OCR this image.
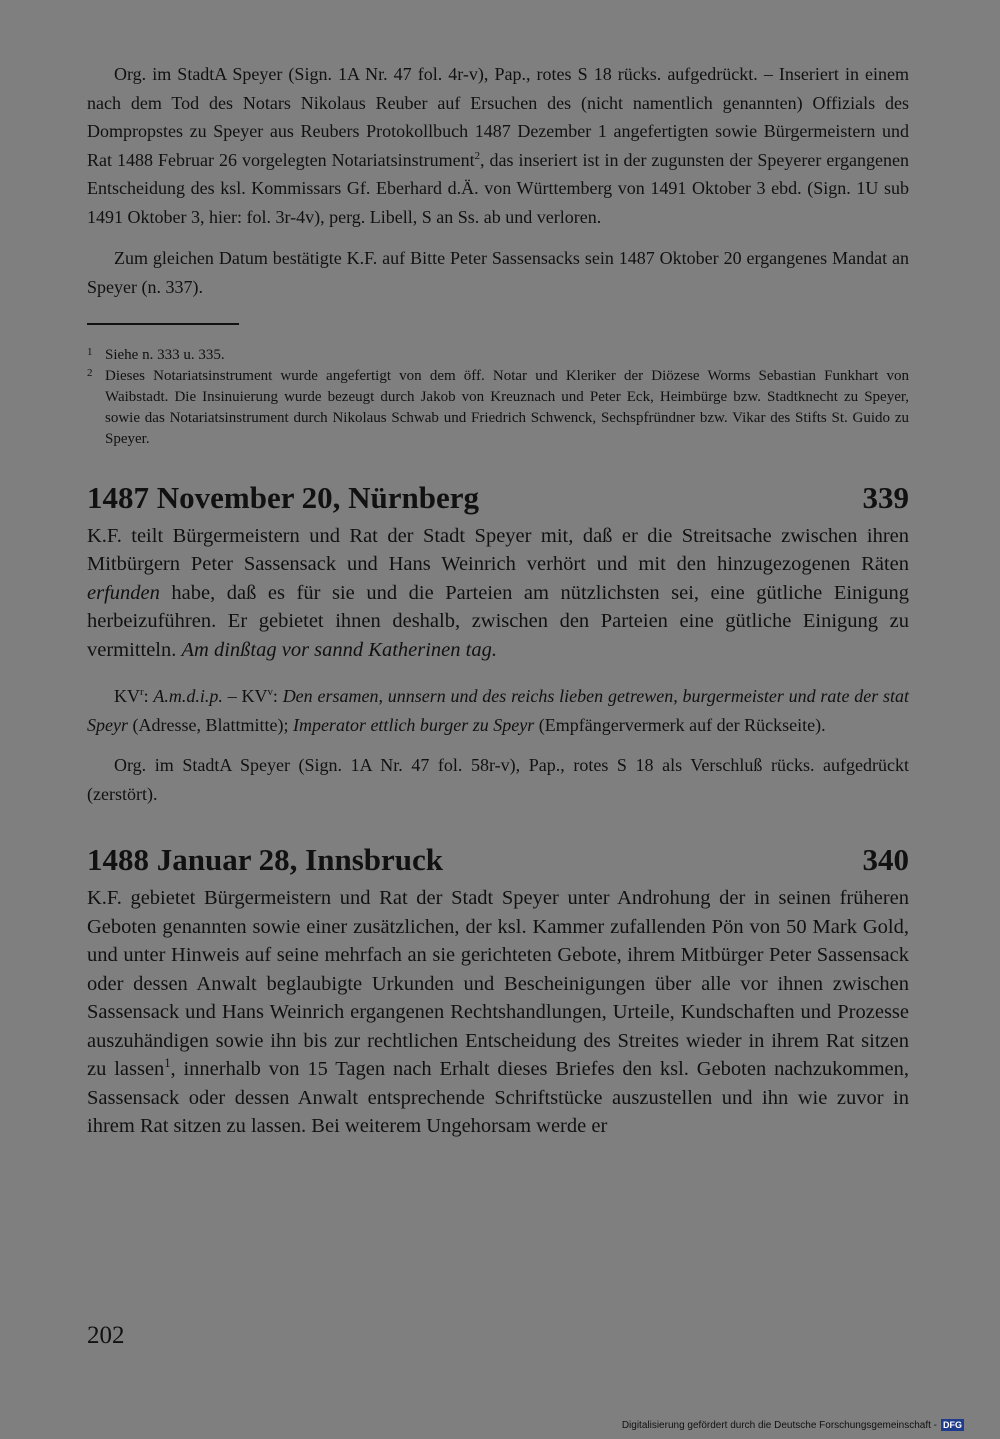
Org. im StadtA Speyer (Sign. 1A Nr. 47 fol. 4r-v), Pap., rotes S 18 rücks. aufgedrückt. – Inseriert in einem nach dem Tod des Notars Nikolaus Reuber auf Ersuchen des (nicht namentlich genannten) Offizials des Dompropstes zu Speyer aus Reubers Protokollbuch 1487 Dezember 1 angefertigten sowie Bürgermeistern und Rat 1488 Februar 26 vorgelegten Notariatsinstrument$^2$, das inseriert ist in der zugunsten der Speyerer ergangenen Entscheidung des ksl. Kommissars Gf. Eberhard d.Ä. von Württemberg von 1491 Oktober 3 ebd. (Sign. 1U sub 1491 Oktober 3, hier: fol. 3r-4v), perg. Libell, S an Ss. ab und verloren.

Zum gleichen Datum bestätigte K.F. auf Bitte Peter Sassensacks sein 1487 Oktober 20 ergangenes Mandat an Speyer (n. 337).

1 Siehe n. 333 u. 335.
2 Dieses Notariatsinstrument wurde angefertigt von dem öff. Notar und Kleriker der Diözese Worms Sebastian Funkhart von Waibstadt. Die Insinuierung wurde bezeugt durch Jakob von Kreuznach und Peter Eck, Heimbürge bzw. Stadtknecht zu Speyer, sowie das Notariatsinstrument durch Nikolaus Schwab und Friedrich Schwenck, Sechspfründner bzw. Vikar des Stifts St. Guido zu Speyer.
1487 November 20, Nürnberg	339

K.F. teilt Bürgermeistern und Rat der Stadt Speyer mit, daß er die Streitsache zwischen ihren Mitbürgern Peter Sassensack und Hans Weinrich verhört und mit den hinzugezogenen Räten erfunden habe, daß es für sie und die Parteien am nützlichsten sei, eine gütliche Einigung herbeizuführen. Er gebietet ihnen deshalb, zwischen den Parteien eine gütliche Einigung zu vermitteln. Am dinßtag vor sannd Katherinen tag.

$KV^r$: A.m.d.i.p. – $KV^v$: Den ersamen, unnsern und des reichs lieben getrewen, burgermeister und rate der stat Speyr (Adresse, Blattmitte); Imperator ettlich burger zu Speyr (Empfängervermerk auf der Rückseite).

Org. im StadtA Speyer (Sign. 1A Nr. 47 fol. 58r-v), Pap., rotes S 18 als Verschluß rücks. aufgedrückt (zerstört).

1488 Januar 28, Innsbruck	340

K.F. gebietet Bürgermeistern und Rat der Stadt Speyer unter Androhung der in seinen früheren Geboten genannten sowie einer zusätzlichen, der ksl. Kammer zufallenden Pön von 50 Mark Gold, und unter Hinweis auf seine mehrfach an sie gerichteten Gebote, ihrem Mitbürger Peter Sassensack oder dessen Anwalt beglaubigte Urkunden und Bescheinigungen über alle vor ihnen zwischen Sassensack und Hans Weinrich ergangenen Rechtshandlungen, Urteile, Kundschaften und Prozesse auszuhändigen sowie ihn bis zur rechtlichen Entscheidung des Streites wieder in ihrem Rat sitzen zu lassen$^1$, innerhalb von 15 Tagen nach Erhalt dieses Briefes den ksl. Geboten nachzukommen, Sassensack oder dessen Anwalt entsprechende Schriftstücke auszustellen und ihn wie zuvor in ihrem Rat sitzen zu lassen. Bei weiterem Ungehorsam werde er

202
Digitalisierung gefördert durch die Deutsche Forschungsgemeinschaft - DFG
